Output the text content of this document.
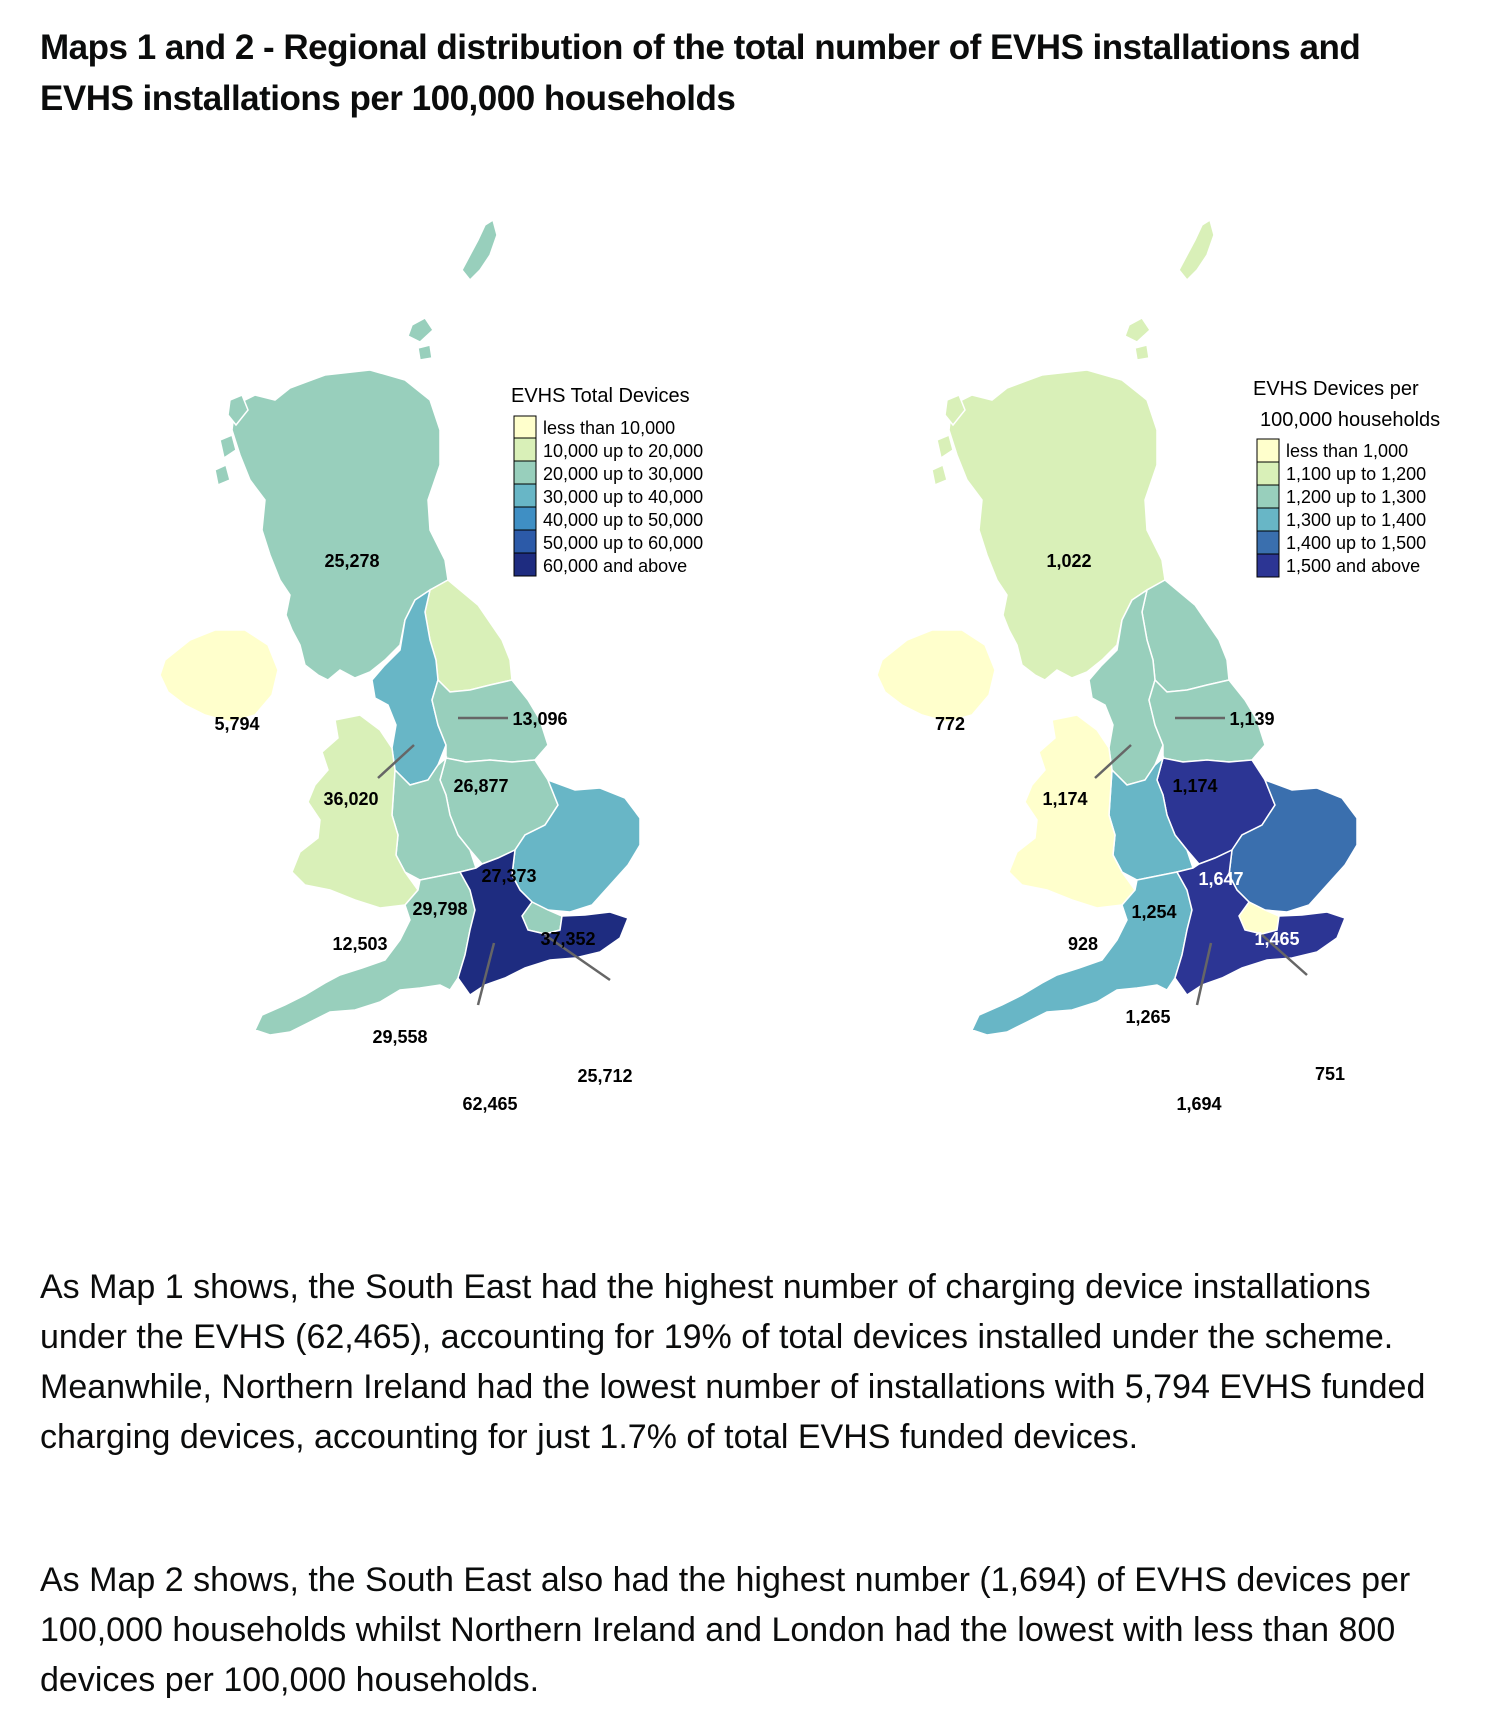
Maps 1 and 2 - Regional distribution of the total number of EVHS installations and EVHS installations per 100,000 households
25,278
5,794	13,096
36,020
26,877
27,373
29,798
12,503	37,352
29,558
62,465
25,712
EVHS Total Devices
less than 10,000
10,000 up to 20,000
20,000 up to 30,000
30,000 up to 40,000
40,000 up to 50,000
50,000 up to 60,000
60,000 and above	1,022
772	1,139
1,174
1,174
1,647
1,254
928	1,465
1,265
1,694
751
EVHS Devices per
100,000 households
less than 1,000
1,100 up to 1,200
1,200 up to 1,300
1,300 up to 1,400
1,400 up to 1,500
1,500 and above

As Map 1 shows, the South East had the highest number of charging device installations under the EVHS (62,465), accounting for 19% of total devices installed under the scheme. Meanwhile, Northern Ireland had the lowest number of installations with 5,794 EVHS funded charging devices, accounting for just 1.7% of total EVHS funded devices.

As Map 2 shows, the South East also had the highest number (1,694) of EVHS devices per 100,000 households whilst Northern Ireland and London had the lowest with less than 800 devices per 100,000 households.
